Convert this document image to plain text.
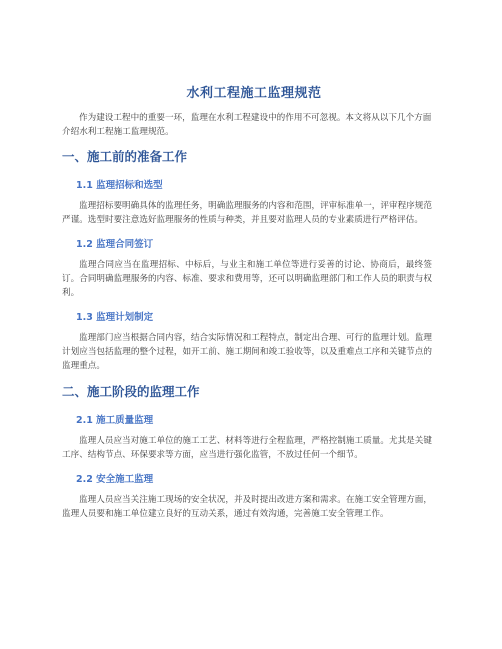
水利工程施工监理规范

作为建设工程中的重要一环，监理在水利工程建设中的作用不可忽视。本文将从以下几个方面介绍水利工程施工监理规范。

一、施工前的准备工作
1.1 监理招标和选型

监理招标要明确具体的监理任务，明确监理服务的内容和范围，评审标准单一，评审程序规范严谨。选型时要注意选好监理服务的性质与种类，并且要对监理人员的专业素质进行严格评估。

1.2 监理合同签订

监理合同应当在监理招标、中标后，与业主和施工单位等进行妥善的讨论、协商后，最终签订。合同明确监理服务的内容、标准、要求和费用等，还可以明确监理部门和工作人员的职责与权利。

1.3 监理计划制定

监理部门应当根据合同内容，结合实际情况和工程特点，制定出合理、可行的监理计划。监理计划应当包括监理的整个过程，如开工前、施工期间和竣工验收等，以及重难点工序和关键节点的监理重点。

二、施工阶段的监理工作
2.1 施工质量监理

监理人员应当对施工单位的施工工艺、材料等进行全程监理，严格控制施工质量。尤其是关键工序、结构节点、环保要求等方面，应当进行强化监管，不放过任何一个细节。

2.2 安全施工监理

监理人员应当关注施工现场的安全状况，并及时提出改进方案和需求。在施工安全管理方面，监理人员要和施工单位建立良好的互动关系，通过有效沟通，完善施工安全管理工作。
